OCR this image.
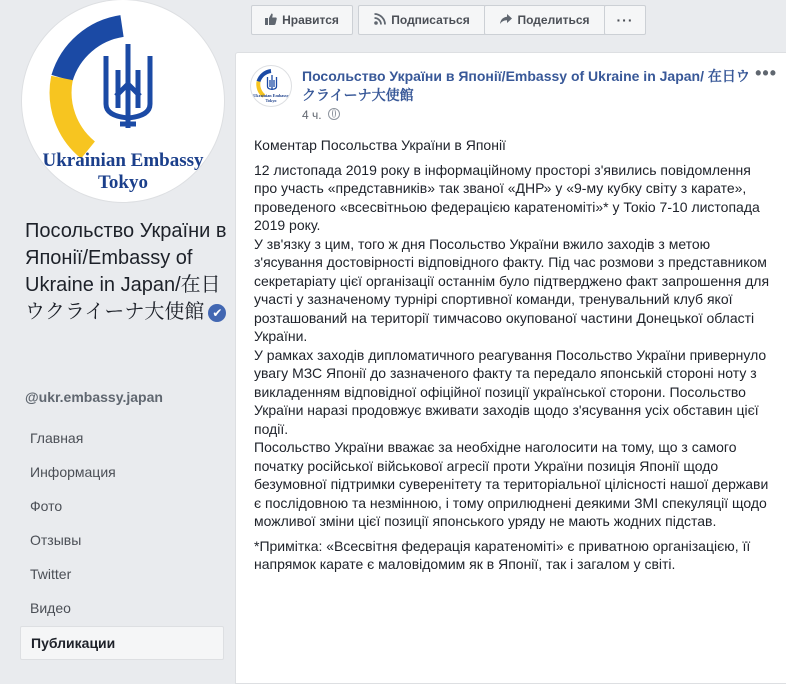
Ukrainian Embassy
Tokyo
Посольство України в Японії/Embassy of Ukraine in Japan/在日ウクライーナ大使館 ✔
@ukr.embassy.japan
Главная
Информация
Фото
Отзывы
Twitter
Видео
Публикации
Нравится	Подписаться	Поделиться	···
Ukrainian Embassy
Tokyo
Посольство України в Японії/Embassy of Ukraine in Japan/ 在日ウクライーナ大使館
4 ч.
•••

Коментар Посольства України в Японії

12 листопада 2019 року в інформаційному просторі з'явились повідомлення про участь «представників» так званої «ДНР» у «9-му кубку світу з карате», проведеного «всесвітньою федерацією каратеноміті»* у Токіо 7-10 листопада 2019 року.

У зв'язку з цим, того ж дня Посольство України вжило заходів з метою з'ясування достовірності відповідного факту. Під час розмови з представником секретаріату цієї організації останнім було підтверджено факт запрошення для участі у зазначеному турнірі спортивної команди, тренувальний клуб якої розташований на території тимчасово окупованої частини Донецької області України.

У рамках заходів дипломатичного реагування Посольство України привернуло увагу МЗС Японії до зазначеного факту та передало японській стороні ноту з викладенням відповідної офіційної позиції української сторони. Посольство України наразі продовжує вживати заходів щодо з'ясування усіх обставин цієї події.

Посольство України вважає за необхідне наголосити на тому, що з самого початку російської військової агресії проти України позиція Японії щодо безумовної підтримки суверенітету та територіальної цілісності нашої держави є послідовною та незмінною, і тому оприлюднені деякими ЗМІ спекуляції щодо можливої зміни цієї позиції японського уряду не мають жодних підстав.

*Примітка: «Всесвітня федерація каратеноміті» є приватною організацією, її напрямок карате є маловідомим як в Японії, так і загалом у світі.
